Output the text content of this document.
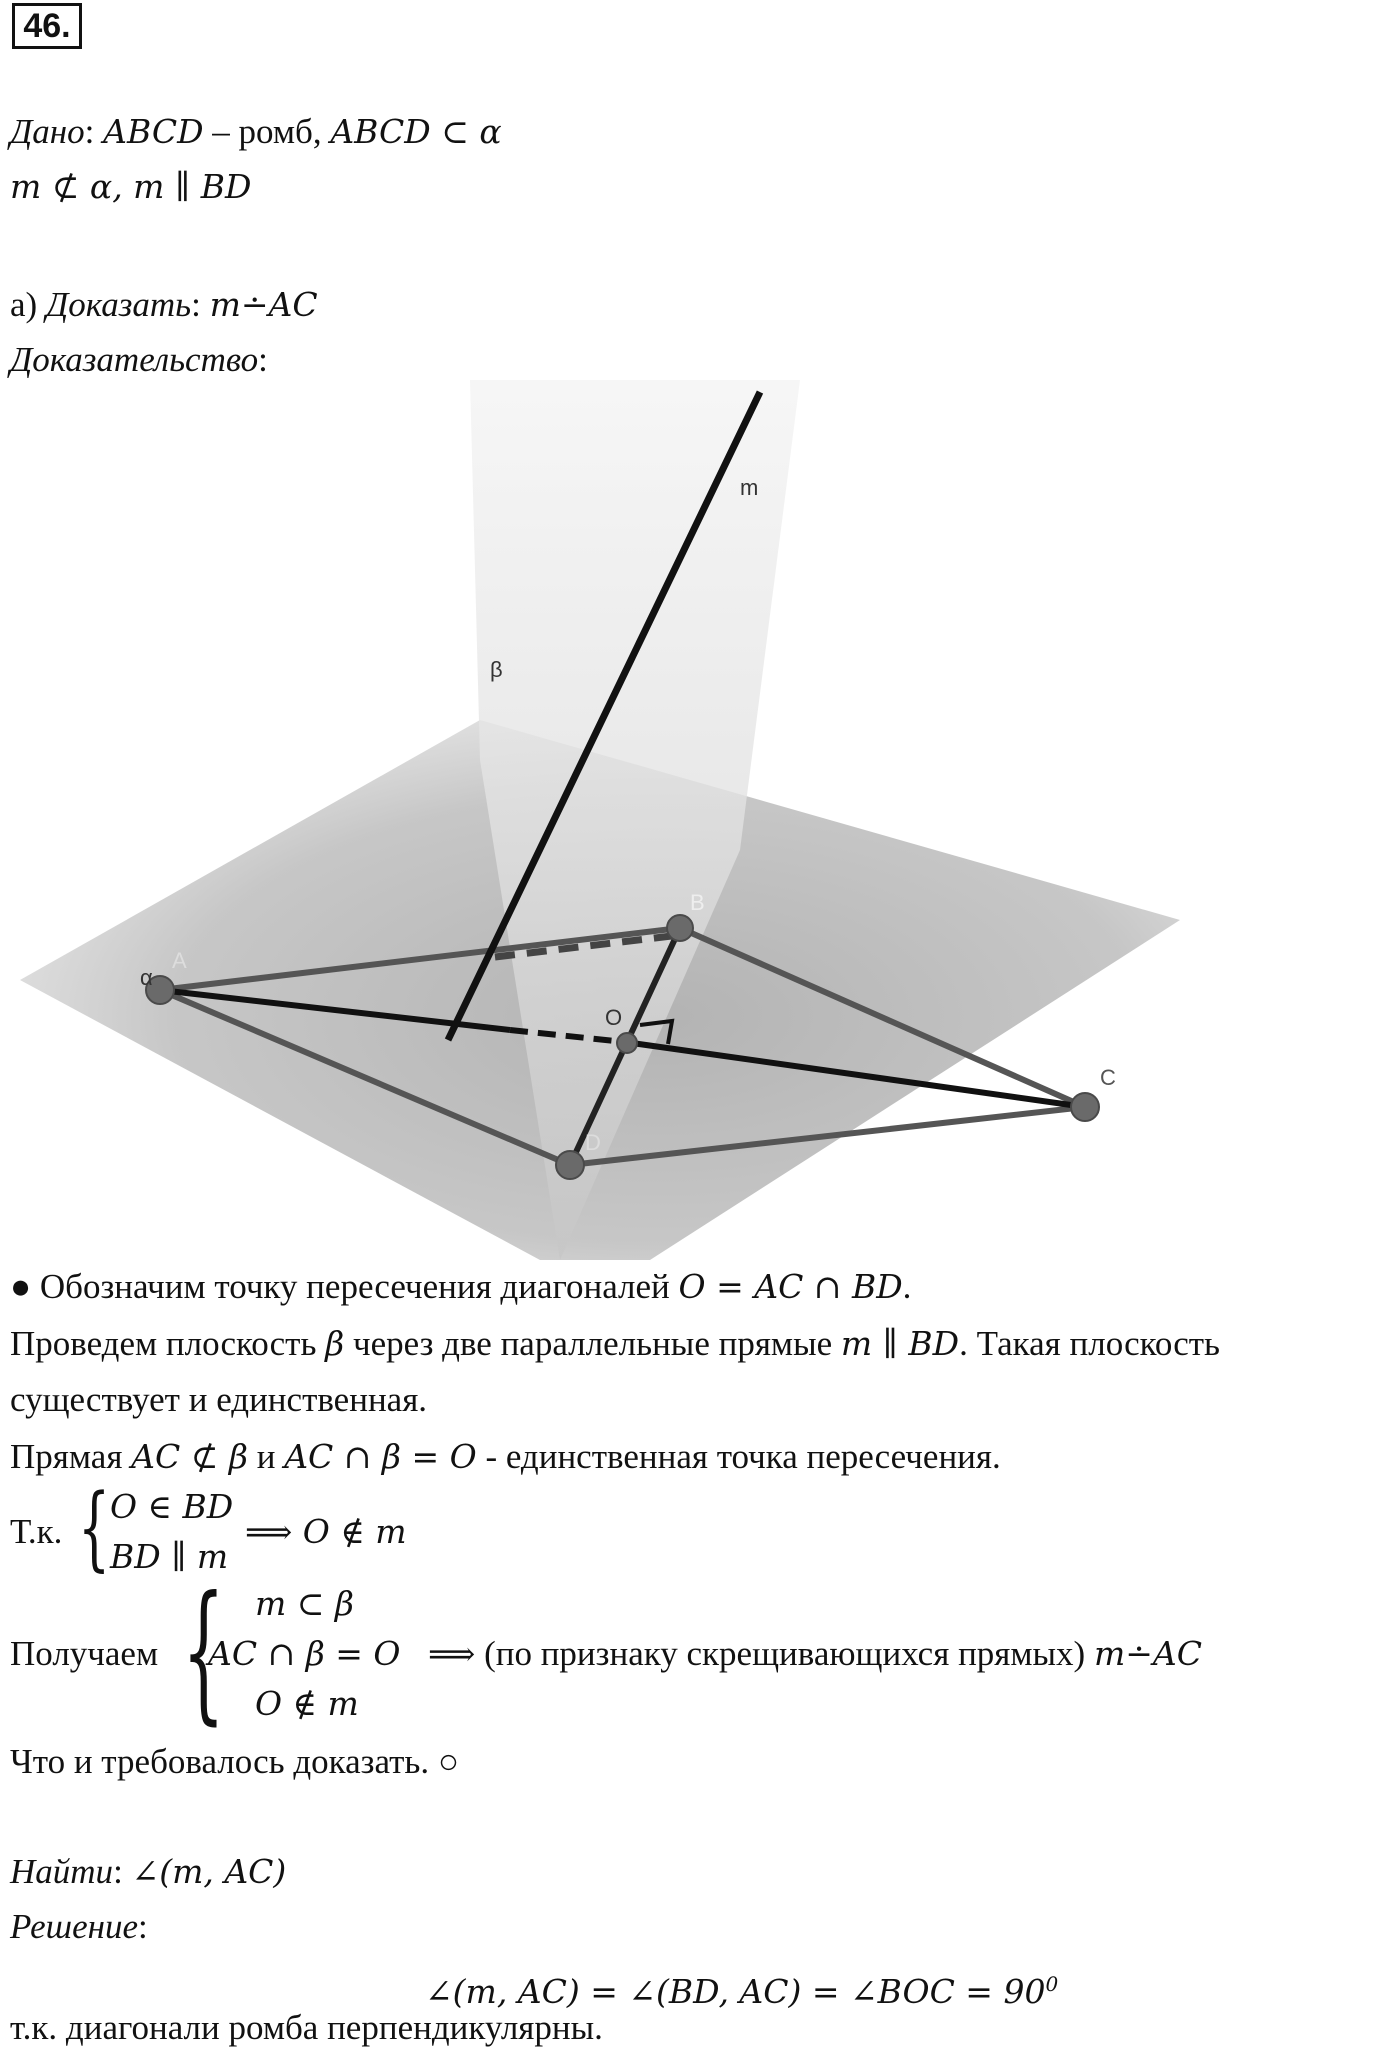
46.
Дано: ABCD – ромб, ABCD ⊂ α
m ⊄ α, m ∥ BD
а) Доказать: m∸AC
Доказательство:
m
β
α
A
B
C
D
O
● Обозначим точку пересечения диагоналей O = AC ∩ BD.
Проведем плоскость β через две параллельные прямые m ∥ BD. Такая плоскость
существует и единственная.
Прямая AC ⊄ β и AC ∩ β = O - единственная точка пересечения.
Т.к. { O ∈ BD
BD ∥ m
⟹ O ∉ m
Получаем { m ⊂ β
AC ∩ β = O
O ∉ m
⟹ (по признаку скрещивающихся прямых) m∸AC
Что и требовалось доказать. ○
Найти: ∠(m, AC)
Решение:
∠(m, AC) = ∠(BD, AC) = ∠BOC = $90^0$
т.к. диагонали ромба перпендикулярны.
